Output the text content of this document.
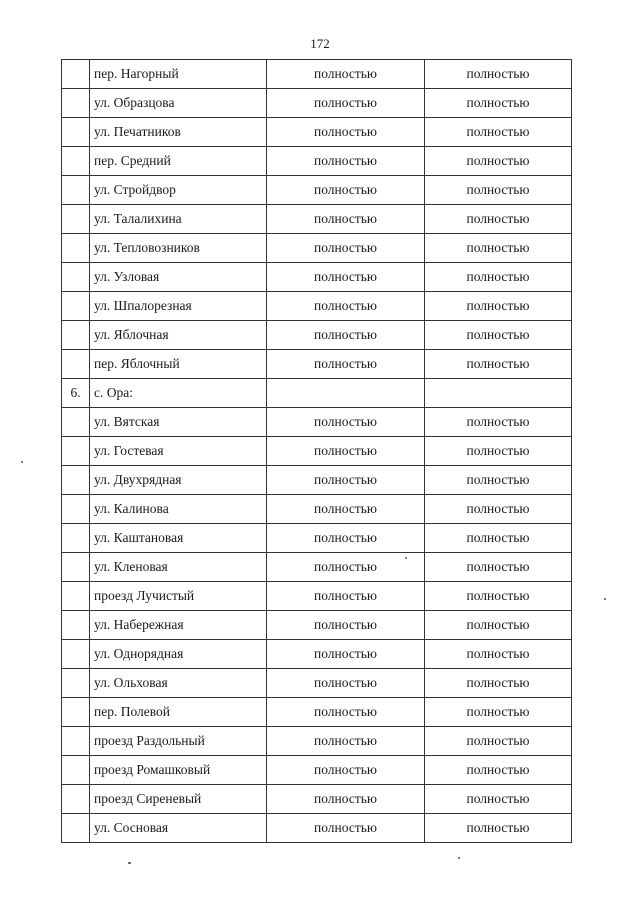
172
	пер. Нагорный	полностью	полностью
	ул. Образцова	полностью	полностью
	ул. Печатников	полностью	полностью
	пер. Средний	полностью	полностью
	ул. Стройдвор	полностью	полностью
	ул. Талалихина	полностью	полностью
	ул. Тепловозников	полностью	полностью
	ул. Узловая	полностью	полностью
	ул. Шпалорезная	полностью	полностью
	ул. Яблочная	полностью	полностью
	пер. Яблочный	полностью	полностью
6.	с. Ора:		
	ул. Вятская	полностью	полностью
	ул. Гостевая	полностью	полностью
	ул. Двухрядная	полностью	полностью
	ул. Калинова	полностью	полностью
	ул. Каштановая	полностью	полностью
	ул. Кленовая	полностью	полностью
	проезд Лучистый	полностью	полностью
	ул. Набережная	полностью	полностью
	ул. Однорядная	полностью	полностью
	ул. Ольховая	полностью	полностью
	пер. Полевой	полностью	полностью
	проезд Раздольный	полностью	полностью
	проезд Ромашковый	полностью	полностью
	проезд Сиреневый	полностью	полностью
	ул. Сосновая	полностью	полностью
